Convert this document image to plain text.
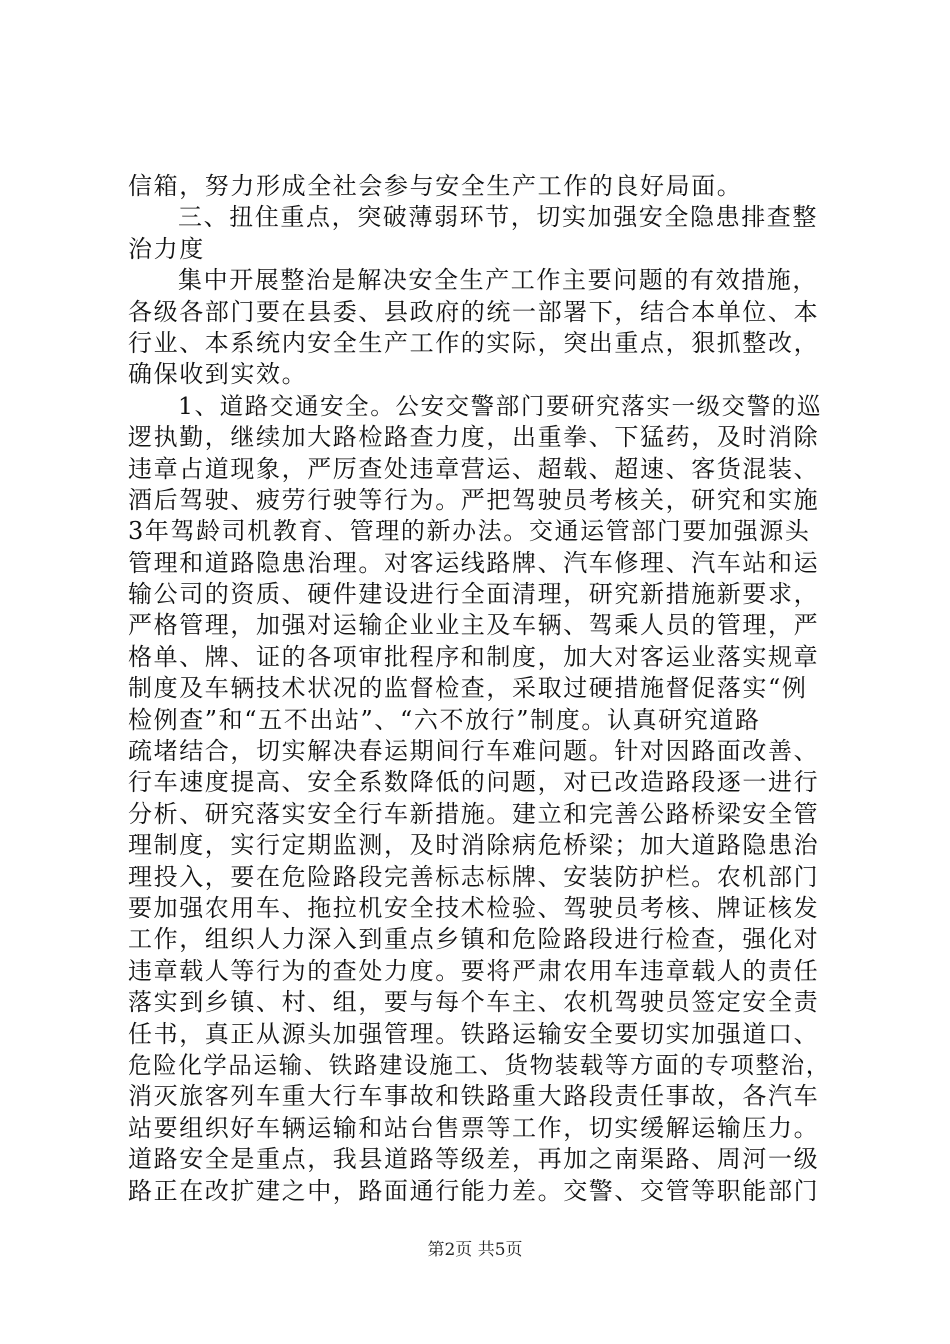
信箱，努力形成全社会参与安全生产工作的良好局面。
三、扭住重点，突破薄弱环节，切实加强安全隐患排查整
治力度
集中开展整治是解决安全生产工作主要问题的有效措施，
各级各部门要在县委、县政府的统一部署下，结合本单位、本
行业、本系统内安全生产工作的实际，突出重点，狠抓整改，
确保收到实效。
1、道路交通安全。公安交警部门要研究落实一级交警的巡
逻执勤，继续加大路检路查力度，出重拳、下猛药，及时消除
违章占道现象，严厉查处违章营运、超载、超速、客货混装、
酒后驾驶、疲劳行驶等行为。严把驾驶员考核关，研究和实施
3年驾龄司机教育、管理的新办法。交通运管部门要加强源头
管理和道路隐患治理。对客运线路牌、汽车修理、汽车站和运
输公司的资质、硬件建设进行全面清理，研究新措施新要求，
严格管理，加强对运输企业业主及车辆、驾乘人员的管理，严
格单、牌、证的各项审批程序和制度，加大对客运业落实规章
制度及车辆技术状况的监督检查，采取过硬措施督促落实“例
检例查”和“五不出站”、“六不放行”制度。认真研究道路
疏堵结合，切实解决春运期间行车难问题。针对因路面改善、
行车速度提高、安全系数降低的问题，对已改造路段逐一进行
分析、研究落实安全行车新措施。建立和完善公路桥梁安全管
理制度，实行定期监测，及时消除病危桥梁；加大道路隐患治
理投入，要在危险路段完善标志标牌、安装防护栏。农机部门
要加强农用车、拖拉机安全技术检验、驾驶员考核、牌证核发
工作，组织人力深入到重点乡镇和危险路段进行检查，强化对
违章载人等行为的查处力度。要将严肃农用车违章载人的责任
落实到乡镇、村、组，要与每个车主、农机驾驶员签定安全责
任书，真正从源头加强管理。铁路运输安全要切实加强道口、
危险化学品运输、铁路建设施工、货物装载等方面的专项整治，
消灭旅客列车重大行车事故和铁路重大路段责任事故，各汽车
站要组织好车辆运输和站台售票等工作，切实缓解运输压力。
道路安全是重点，我县道路等级差，再加之南渠路、周河一级
路正在改扩建之中，路面通行能力差。交警、交管等职能部门
第2页 共5页
